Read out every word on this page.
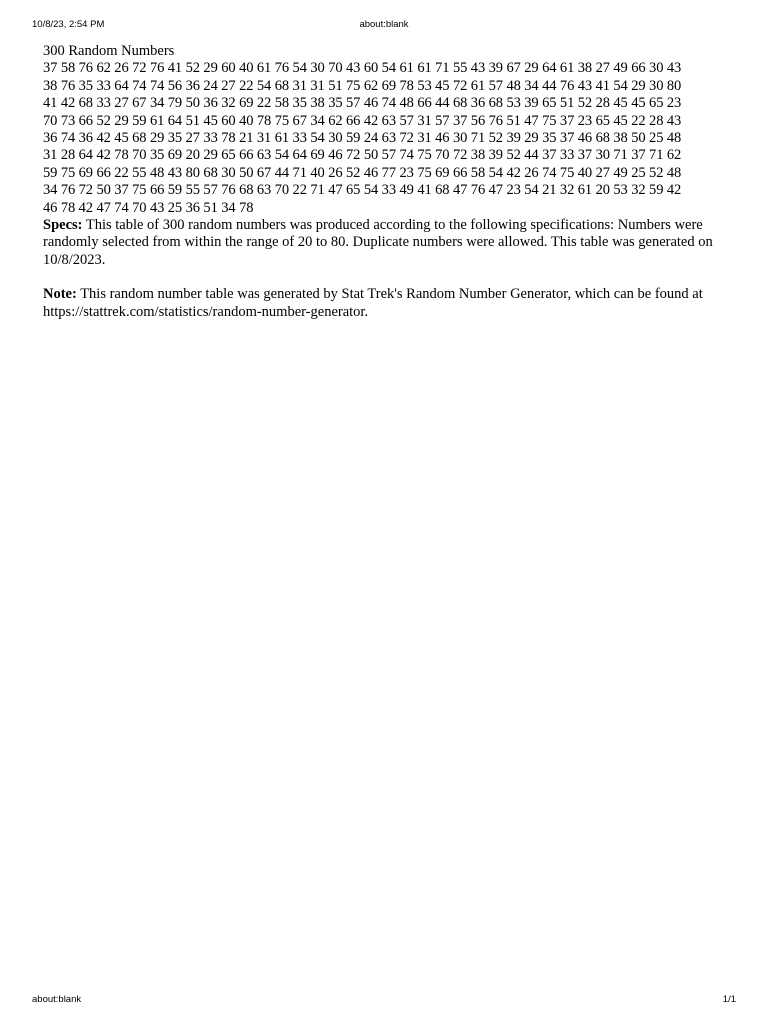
10/8/23, 2:54 PM	about:blank

300 Random Numbers

37 58 76 62 26 72 76 41 52 29 60 40 61 76 54 30 70 43 60 54 61 61 71 55 43 39 67 29 64 61 38 27 49 66 30 43
38 76 35 33 64 74 74 56 36 24 27 22 54 68 31 31 51 75 62 69 78 53 45 72 61 57 48 34 44 76 43 41 54 29 30 80
41 42 68 33 27 67 34 79 50 36 32 69 22 58 35 38 35 57 46 74 48 66 44 68 36 68 53 39 65 51 52 28 45 45 65 23
70 73 66 52 29 59 61 64 51 45 60 40 78 75 67 34 62 66 42 63 57 31 57 37 56 76 51 47 75 37 23 65 45 22 28 43
36 74 36 42 45 68 29 35 27 33 78 21 31 61 33 54 30 59 24 63 72 31 46 30 71 52 39 29 35 37 46 68 38 50 25 48
31 28 64 42 78 70 35 69 20 29 65 66 63 54 64 69 46 72 50 57 74 75 70 72 38 39 52 44 37 33 37 30 71 37 71 62
59 75 69 66 22 55 48 43 80 68 30 50 67 44 71 40 26 52 46 77 23 75 69 66 58 54 42 26 74 75 40 27 49 25 52 48
34 76 72 50 37 75 66 59 55 57 76 68 63 70 22 71 47 65 54 33 49 41 68 47 76 47 23 54 21 32 61 20 53 32 59 42
46 78 42 47 74 70 43 25 36 51 34 78

Specs: This table of 300 random numbers was produced according to the following specifications: Numbers were randomly selected from within the range of 20 to 80. Duplicate numbers were allowed. This table was generated on 10/8/2023.

Note: This random number table was generated by Stat Trek's Random Number Generator, which can be found at https://stattrek.com/statistics/random-number-generator.

about:blank	1/1
